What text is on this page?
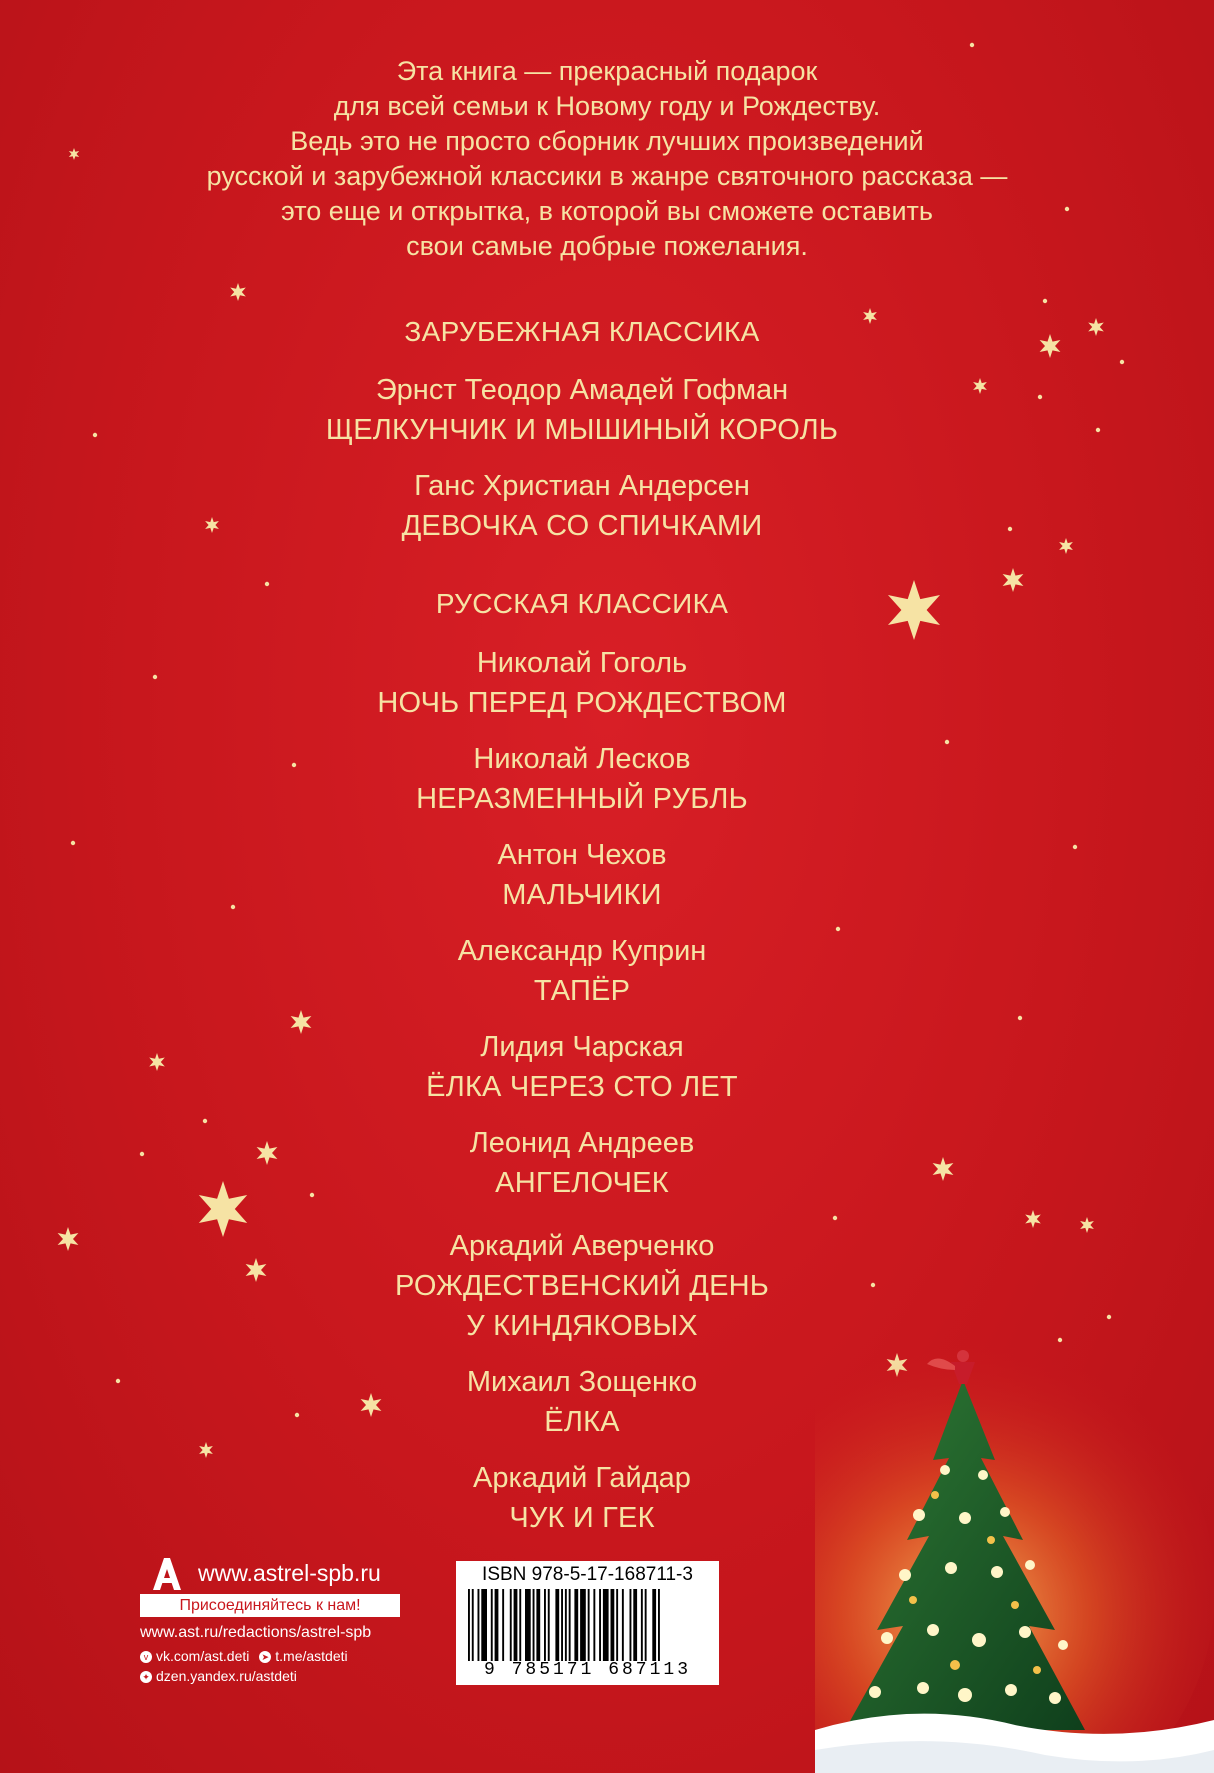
Эта книга — прекрасный подарок
для всей семьи к Новому году и Рождеству.
Ведь это не просто сборник лучших произведений
русской и зарубежной классики в жанре святочного рассказа —
это еще и открытка, в которой вы сможете оставить
свои самые добрые пожелания.
ЗАРУБЕЖНАЯ КЛАССИКА
Эрнст Теодор Амадей Гофман
ЩЕЛКУНЧИК И МЫШИНЫЙ КОРОЛЬ
Ганс Христиан Андерсен
ДЕВОЧКА СО СПИЧКАМИ
РУССКАЯ КЛАССИКА
Николай Гоголь
НОЧЬ ПЕРЕД РОЖДЕСТВОМ
Николай Лесков
НЕРАЗМЕННЫЙ РУБЛЬ
Антон Чехов
МАЛЬЧИКИ
Александр Куприн
ТАПЁР
Лидия Чарская
ЁЛКА ЧЕРЕЗ СТО ЛЕТ
Леонид Андреев
АНГЕЛОЧЕК
Аркадий Аверченко
РОЖДЕСТВЕНСКИЙ ДЕНЬ
У КИНДЯКОВЫХ
Михаил Зощенко
ЁЛКА
Аркадий Гайдар
ЧУК И ГЕК
www.astrel-spb.ru
Присоединяйтесь к нам!
www.ast.ru/redactions/astrel-spb
v vk.com/ast.deti ➤ t.me/astdeti
✦ dzen.yandex.ru/astdeti
ISBN 978-5-17-168711-3
9 785171 687113
